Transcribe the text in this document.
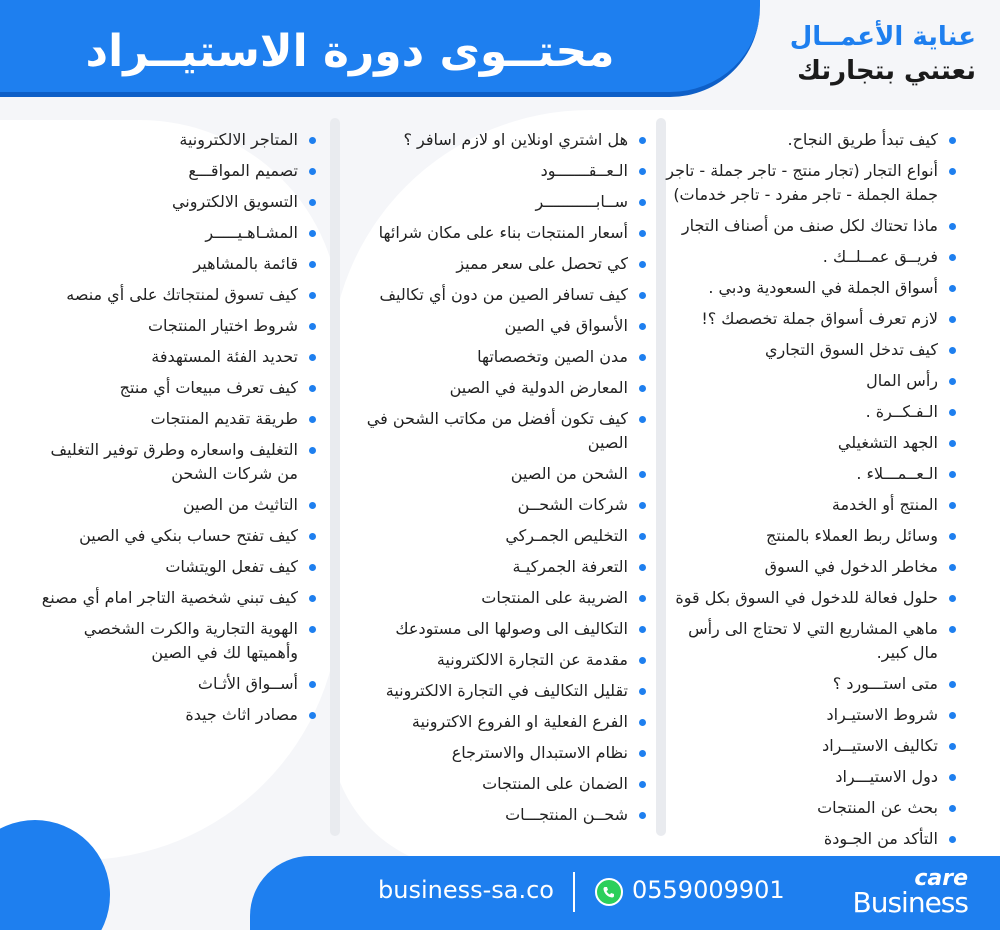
محتــوى دورة الاستيــراد	عناية الأعمــال
نعتني بتجارتك
كيف تبدأ طريق النجاح.
أنواع التجار (تجار منتج - تاجر جملة - تاجر جملة الجملة - تاجر مفرد - تاجر خدمات)
ماذا تحتاك لكل صنف من أصناف التجار
فريــق عمــلــك .
أسواق الجملة في السعودية ودبي .
لازم تعرف أسواق جملة تخصصك ؟!
كيف تدخل السوق التجاري
رأس المال
الـفـكــرة .
الجهد التشغيلي
الـعــمـــلاء .
المنتج أو الخدمة
وسائل ربط العملاء بالمنتج
مخاطر الدخول في السوق
حلول فعالة للدخول في السوق بكل قوة
ماهي المشاريع التي لا تحتاج الى رأس مال كبير.
متى استـــورد ؟
شروط الاستيـراد
تكاليف الاستيــراد
دول الاستيـــراد
بحث عن المنتجات
التأكد من الجـودة
هل اشتري اونلاين او لازم اسافر ؟
الـعــقـــــــود
ســابـــــــــــر
أسعار المنتجات بناء على مكان شرائها
كي تحصل على سعر مميز
كيف تسافر الصين من دون أي تكاليف
الأسواق في الصين
مدن الصين وتخصصاتها
المعارض الدولية في الصين
كيف تكون أفضل من مكاتب الشحن في الصين
الشحن من الصين
شركات الشحــن
التخليص الجمـركي
التعرفة الجمركيـة
الضريبة على المنتجات
التكاليف الى وصولها الى مستودعك
مقدمة عن التجارة الالكترونية
تقليل التكاليف في التجارة الالكترونية
الفرع الفعلية او الفروع الاكترونية
نظام الاستبدال والاسترجاع
الضمان على المنتجات
شحــن المنتجـــات
المتاجر الالكترونية
تصميم المواقـــع
التسويق الالكتروني
المشـاهـيـــــر
قائمة بالمشاهير
كيف تسوق لمنتجاتك على أي منصه
شروط اختيار المنتجات
تحديد الفئة المستهدفة
كيف تعرف مبيعات أي منتج
طريقة تقديم المنتجات
التغليف واسعاره وطرق توفير التغليف من شركات الشحن
التاثيث من الصين
كيف تفتح حساب بنكي في الصين
كيف تفعل الويتشات
كيف تبني شخصية التاجر امام أي مصنع
الهوية التجارية والكرت الشخصي وأهميتها لك في الصين
أســواق الأثـاث
مصادر اثاث جيدة
business-sa.co	0559009901	care
Business
